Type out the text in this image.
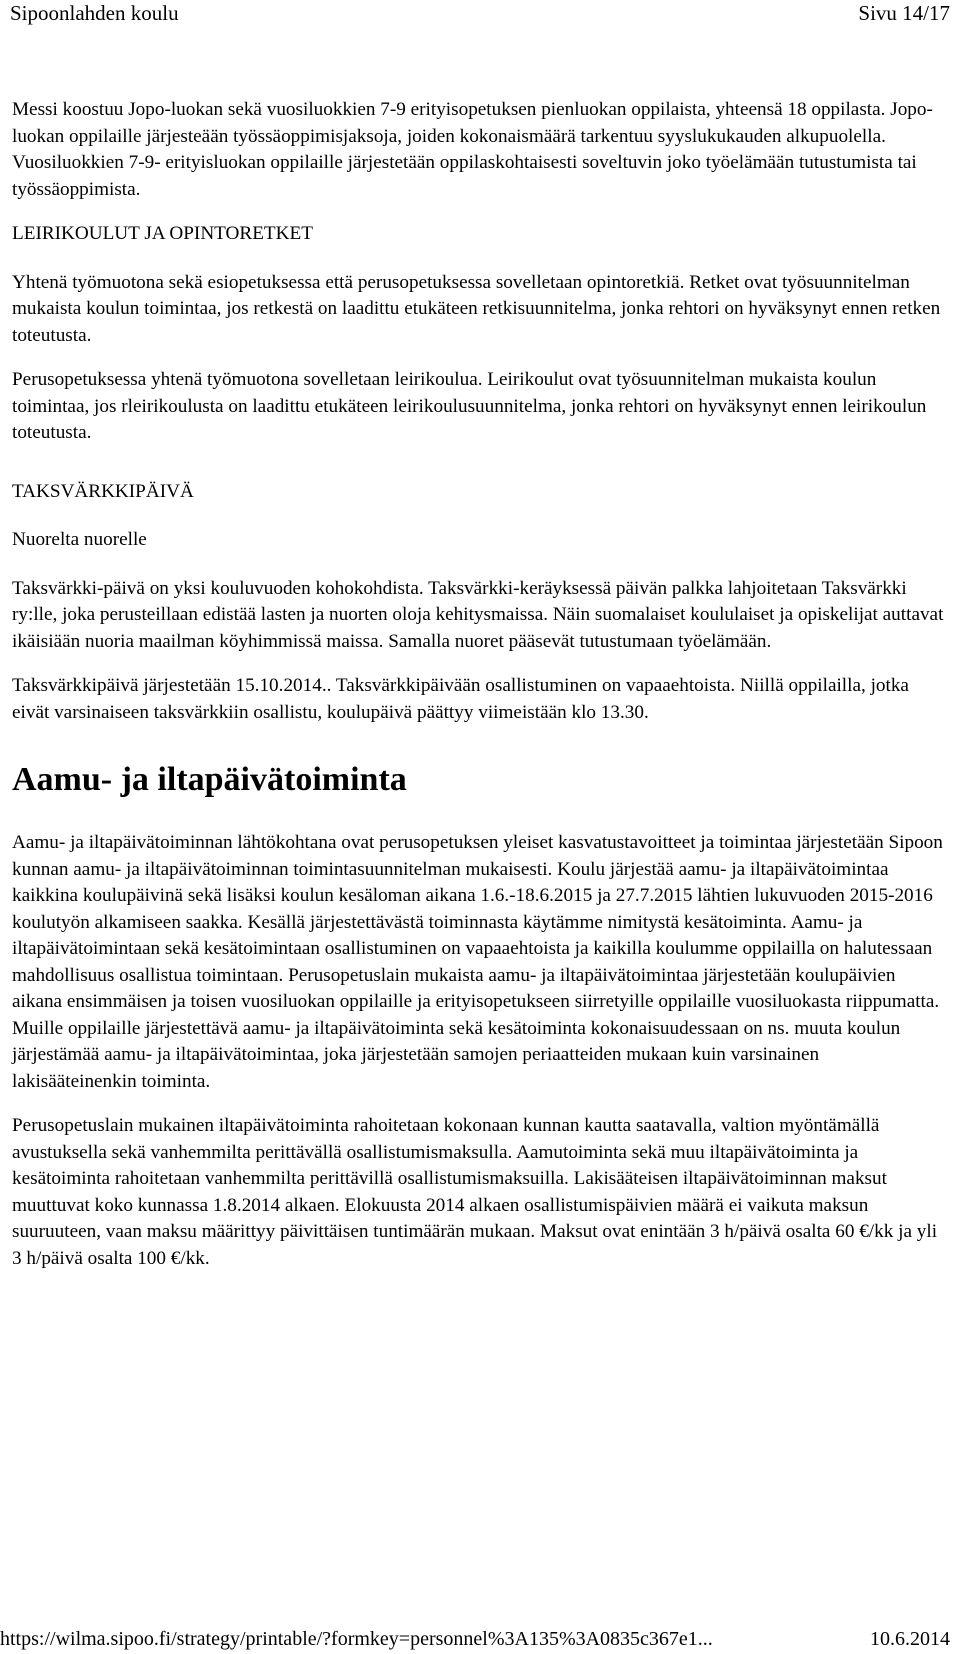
Sipoonlahden koulu	Sivu 14/17

Messi koostuu Jopo-luokan sekä vuosiluokkien 7-9 erityisopetuksen pienluokan oppilaista, yhteensä 18 oppilasta. Jopo-luokan oppilaille järjesteään työssäoppimisjaksoja, joiden kokonaismäärä tarkentuu syyslukukauden alkupuolella. Vuosiluokkien 7-9- erityisluokan oppilaille järjestetään oppilaskohtaisesti soveltuvin joko työelämään tutustumista tai työssäoppimista.

LEIRIKOULUT JA OPINTORETKET

Yhtenä työmuotona sekä esiopetuksessa että perusopetuksessa sovelletaan opintoretkiä. Retket ovat työsuunnitelman mukaista koulun toimintaa, jos retkestä on laadittu etukäteen retkisuunnitelma, jonka rehtori on hyväksynyt ennen retken toteutusta.

Perusopetuksessa yhtenä työmuotona sovelletaan leirikoulua. Leirikoulut ovat työsuunnitelman mukaista koulun toimintaa, jos rleirikoulusta on laadittu etukäteen leirikoulusuunnitelma, jonka rehtori on hyväksynyt ennen leirikoulun toteutusta.

TAKSVÄRKKIPÄIVÄ
Nuorelta nuorelle

Taksvärkki-päivä on yksi kouluvuoden kohokohdista. Taksvärkki-keräyksessä päivän palkka lahjoitetaan Taksvärkki ry:lle, joka perusteillaan edistää lasten ja nuorten oloja kehitysmaissa. Näin suomalaiset koululaiset ja opiskelijat auttavat ikäisiään nuoria maailman köyhimmissä maissa. Samalla nuoret pääsevät tutustumaan työelämään.

Taksvärkkipäivä järjestetään 15.10.2014.. Taksvärkkipäivään osallistuminen on vapaaehtoista. Niillä oppilailla, jotka eivät varsinaiseen taksvärkkiin osallistu, koulupäivä päättyy viimeistään klo 13.30.

Aamu- ja iltapäivätoiminta

Aamu- ja iltapäivätoiminnan lähtökohtana ovat perusopetuksen yleiset kasvatustavoitteet ja toimintaa järjestetään Sipoon kunnan aamu- ja iltapäivätoiminnan toimintasuunnitelman mukaisesti. Koulu järjestää aamu- ja iltapäivätoimintaa kaikkina koulupäivinä sekä lisäksi koulun kesäloman aikana 1.6.-18.6.2015 ja 27.7.2015 lähtien lukuvuoden 2015-2016 koulutyön alkamiseen saakka. Kesällä järjestettävästä toiminnasta käytämme nimitystä kesätoiminta. Aamu- ja iltapäivätoimintaan sekä kesätoimintaan osallistuminen on vapaaehtoista ja kaikilla koulumme oppilailla on halutessaan mahdollisuus osallistua toimintaan. Perusopetuslain mukaista aamu- ja iltapäivätoimintaa järjestetään koulupäivien aikana ensimmäisen ja toisen vuosiluokan oppilaille ja erityisopetukseen siirretyille oppilaille vuosiluokasta riippumatta. Muille oppilaille järjestettävä aamu- ja iltapäivätoiminta sekä kesätoiminta kokonaisuudessaan on ns. muuta koulun järjestämää aamu- ja iltapäivätoimintaa, joka järjestetään samojen periaatteiden mukaan kuin varsinainen lakisääteinenkin toiminta.

Perusopetuslain mukainen iltapäivätoiminta rahoitetaan kokonaan kunnan kautta saatavalla, valtion myöntämällä avustuksella sekä vanhemmilta perittävällä osallistumismaksulla. Aamutoiminta sekä muu iltapäivätoiminta ja kesätoiminta rahoitetaan vanhemmilta perittävillä osallistumismaksuilla. Lakisääteisen iltapäivätoiminnan maksut muuttuvat koko kunnassa 1.8.2014 alkaen. Elokuusta 2014 alkaen osallistumispäivien määrä ei vaikuta maksun suuruuteen, vaan maksu määrittyy päivittäisen tuntimäärän mukaan. Maksut ovat enintään 3 h/päivä osalta 60 €/kk ja yli 3 h/päivä osalta 100 €/kk.

https://wilma.sipoo.fi/strategy/printable/?formkey=personnel%3A135%3A0835c367e1...	10.6.2014
